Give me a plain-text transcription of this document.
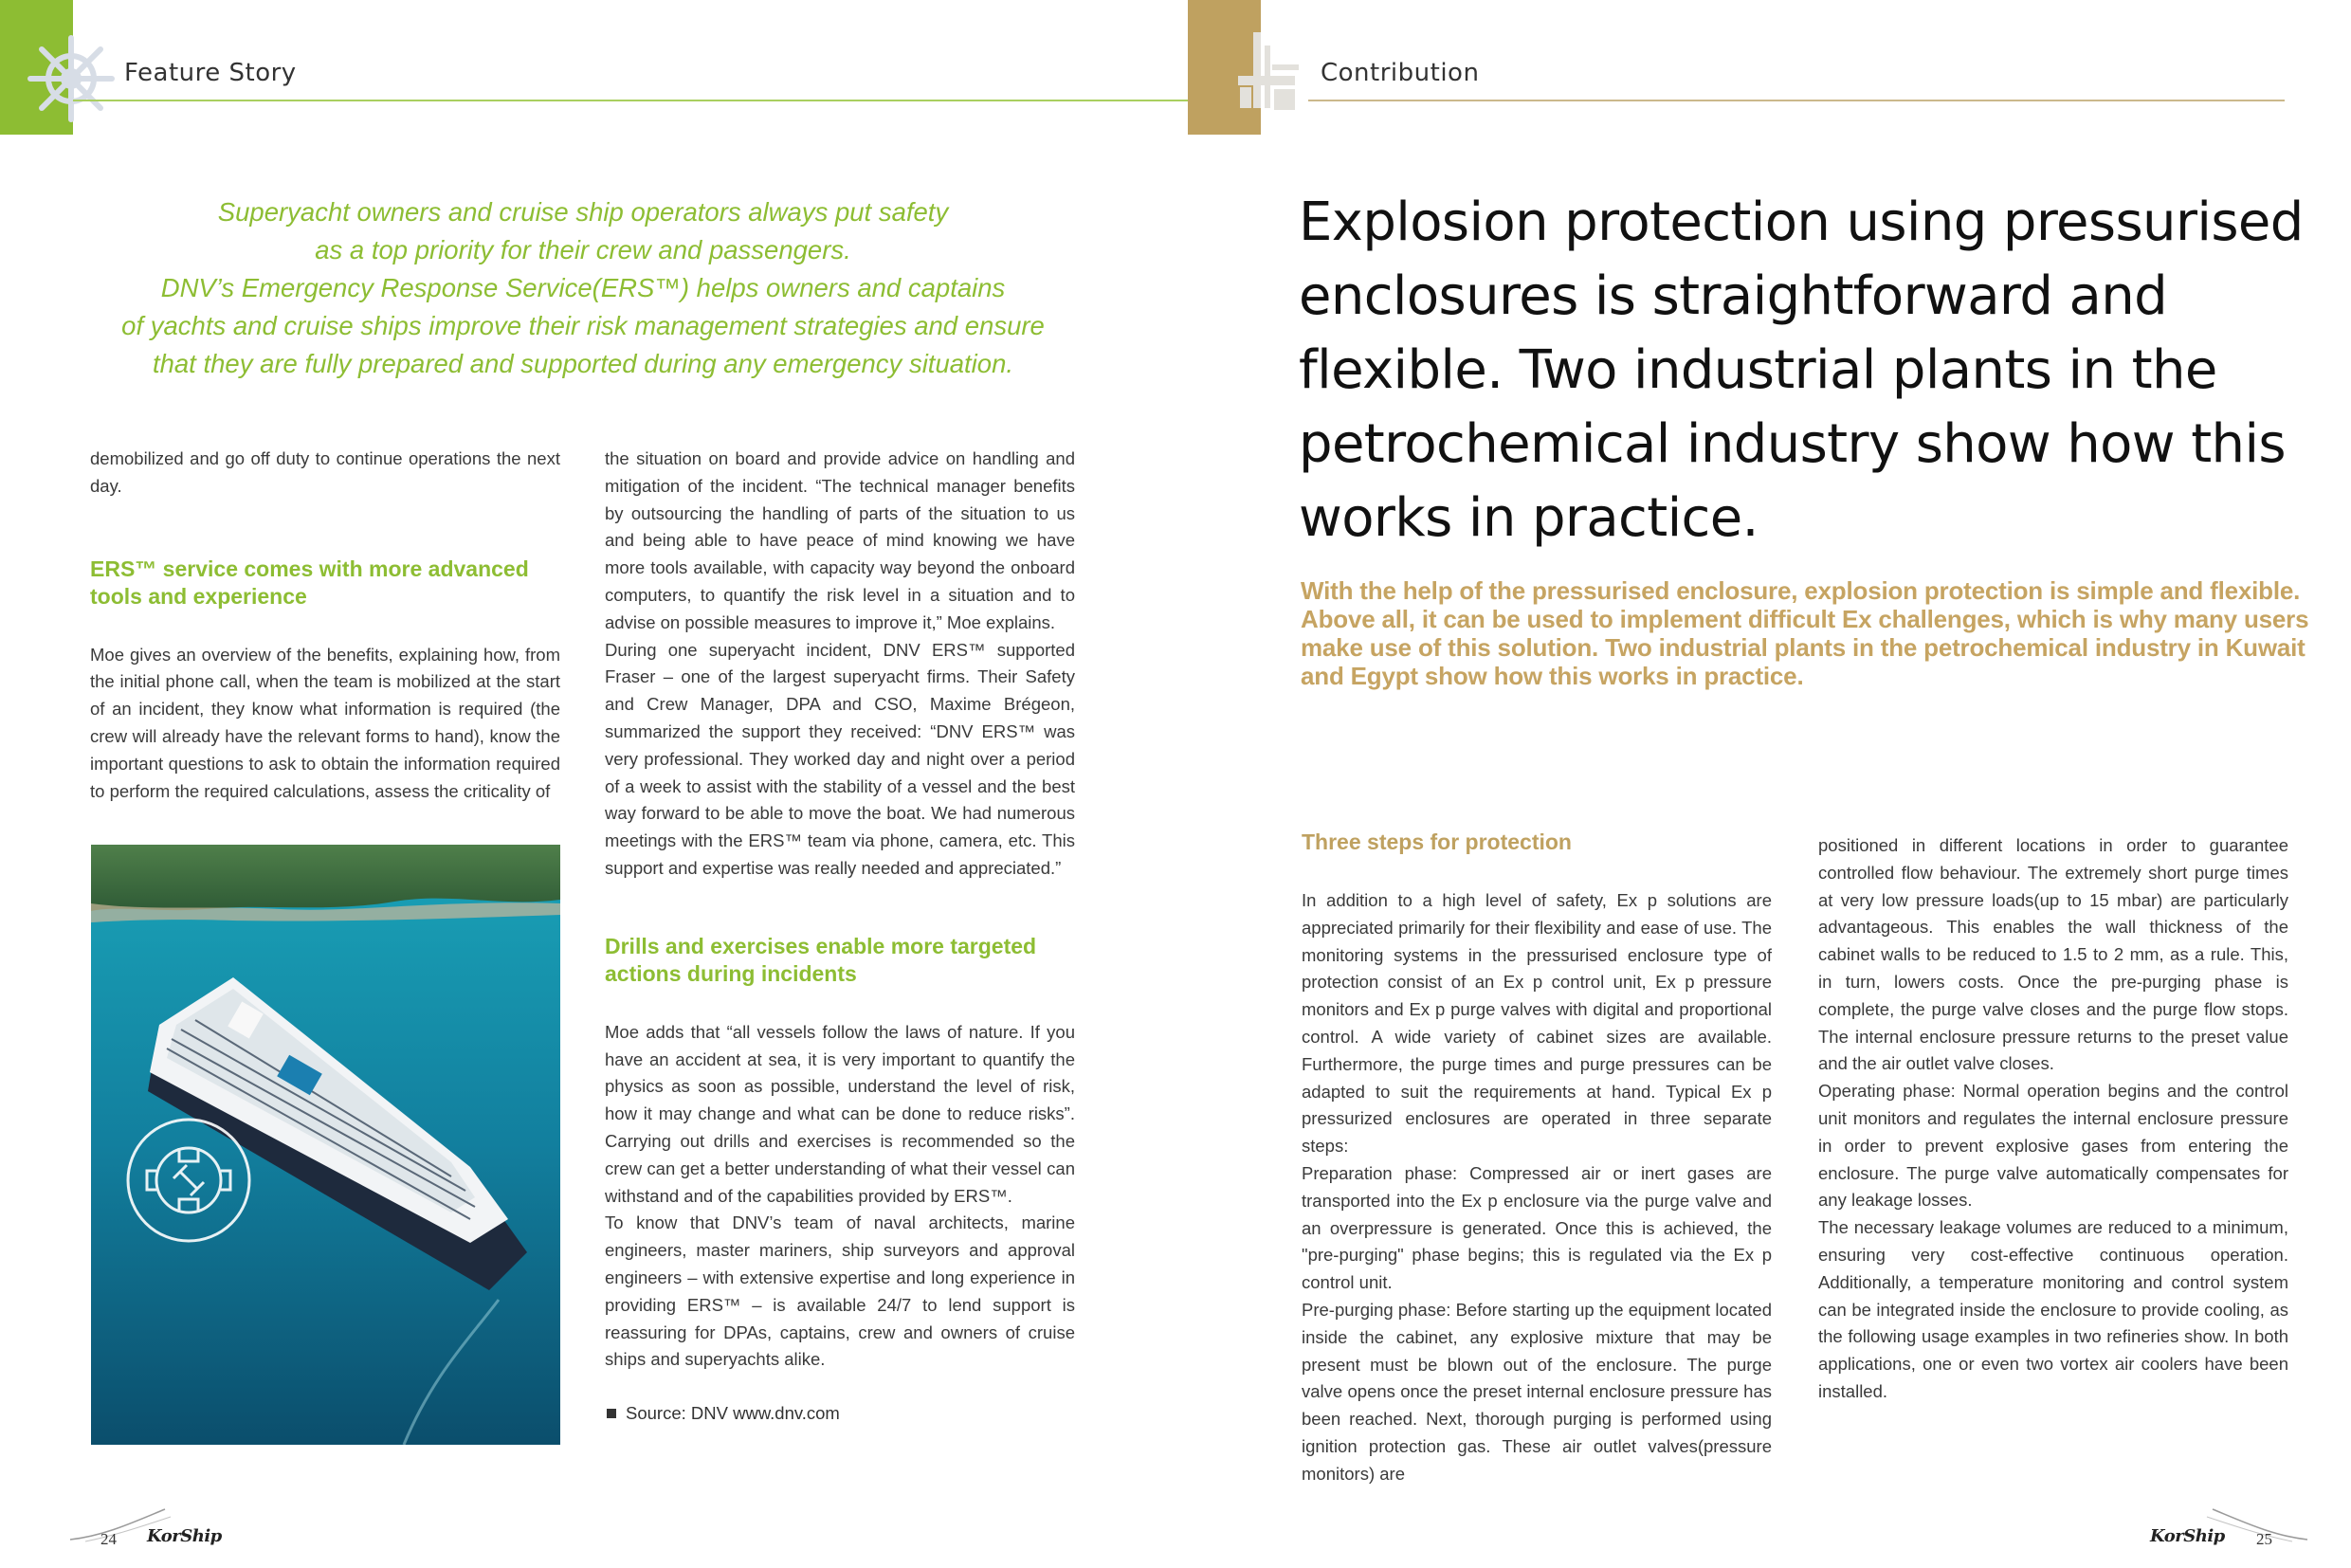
Feature Story	Contribution
Superyacht owners and cruise ship operators always put safety
as a top priority for their crew and passengers.
DNV’s Emergency Response Service(ERS™) helps owners and captains
of yachts and cruise ships improve their risk management strategies and ensure
that they are fully prepared and supported during any emergency situation.

demobilized and go off duty to continue operations the next day.

ERS™ service comes with more advanced tools and experience

Moe gives an overview of the benefits, explaining how, from the initial phone call, when the team is mobilized at the start of an incident, they know what information is required (the crew will already have the relevant forms to hand), know the important questions to ask to obtain the information required to perform the required calculations, assess the criticality of

the situation on board and provide advice on handling and mitigation of the incident. “The technical manager benefits by outsourcing the handling of parts of the situation to us and being able to have peace of mind knowing we have more tools available, with capacity way beyond the onboard computers, to quantify the risk level in a situation and to advise on possible measures to improve it,” Moe explains.

During one superyacht incident, DNV ERS™ supported Fraser – one of the largest superyacht firms. Their Safety and Crew Manager, DPA and CSO, Maxime Brégeon, summarized the support they received: “DNV ERS™ was very professional. They worked day and night over a period of a week to assist with the stability of a vessel and the best way forward to be able to move the boat. We had numerous meetings with the ERS™ team via phone, camera, etc. This support and expertise was really needed and appreciated.”

Drills and exercises enable more targeted actions during incidents

Moe adds that “all vessels follow the laws of nature. If you have an accident at sea, it is very important to quantify the physics as soon as possible, understand the level of risk, how it may change and what can be done to reduce risks”. Carrying out drills and exercises is recommended so the crew can get a better understanding of what their vessel can withstand and of the capabilities provided by ERS™.

To know that DNV’s team of naval architects, marine engineers, master mariners, ship surveyors and approval engineers – with extensive expertise and long experience in providing ERS™ – is available 24/7 to lend support is reassuring for DPAs, captains, crew and owners of cruise ships and superyachts alike.

Source: DNV www.dnv.com
Explosion protection using pressurised
enclosures is straightforward and
flexible. Two industrial plants in the
petrochemical industry show how this
works in practice.
With the help of the pressurised enclosure, explosion protection is simple and flexible.
Above all, it can be used to implement difficult Ex challenges, which is why many users
make use of this solution. Two industrial plants in the petrochemical industry in Kuwait
and Egypt show how this works in practice.
Three steps for protection

In addition to a high level of safety, Ex p solutions are appreciated primarily for their flexibility and ease of use. The monitoring systems in the pressurised enclosure type of protection consist of an Ex p control unit, Ex p pressure monitors and Ex p purge valves with digital and proportional control. A wide variety of cabinet sizes are available. Furthermore, the purge times and purge pressures can be adapted to suit the requirements at hand. Typical Ex p pressurized enclosures are operated in three separate steps:

Preparation phase: Compressed air or inert gases are transported into the Ex p enclosure via the purge valve and an overpressure is generated. Once this is achieved, the "pre-purging" phase begins; this is regulated via the Ex p control unit.

Pre-purging phase: Before starting up the equipment located inside the cabinet, any explosive mixture that may be present must be blown out of the enclosure. The purge valve opens once the preset internal enclosure pressure has been reached. Next, thorough purging is performed using ignition protection gas. These air outlet valves(pressure monitors) are

positioned in different locations in order to guarantee controlled flow behaviour. The extremely short purge times at very low pressure loads(up to 15 mbar) are particularly advantageous. This enables the wall thickness of the cabinet walls to be reduced to 1.5 to 2 mm, as a rule. This, in turn, lowers costs. Once the pre-purging phase is complete, the purge valve closes and the purge flow stops. The internal enclosure pressure returns to the preset value and the air outlet valve closes.

Operating phase: Normal operation begins and the control unit monitors and regulates the internal enclosure pressure in order to prevent explosive gases from entering the enclosure. The purge valve automatically compensates for any leakage losses.

The necessary leakage volumes are reduced to a minimum, ensuring very cost-effective continuous operation. Additionally, a temperature monitoring and control system can be integrated inside the enclosure to provide cooling, as the following usage examples in two refineries show. In both applications, one or even two vortex air coolers have been installed.

24 KorShip	KorShip 25
